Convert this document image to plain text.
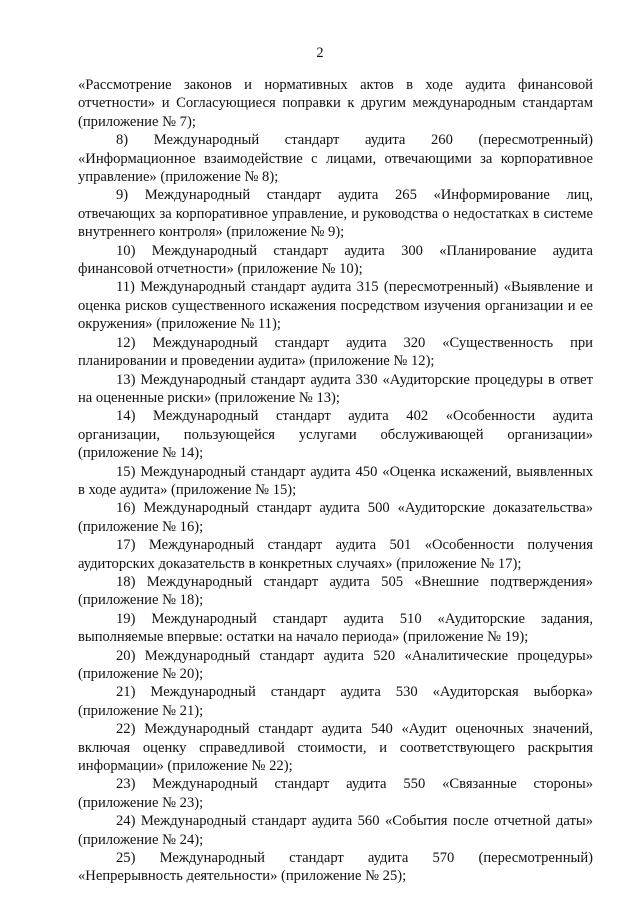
2

«Рассмотрение законов и нормативных актов в ходе аудита финансовой отчетности» и Согласующиеся поправки к другим международным стандартам (приложение № 7);

8) Международный стандарт аудита 260 (пересмотренный) «Информационное взаимодействие с лицами, отвечающими за корпоративное управление» (приложение № 8);

9) Международный стандарт аудита 265 «Информирование лиц, отвечающих за корпоративное управление, и руководства о недостатках в системе внутреннего контроля» (приложение № 9);

10) Международный стандарт аудита 300 «Планирование аудита финансовой отчетности» (приложение № 10);

11) Международный стандарт аудита 315 (пересмотренный) «Выявление и оценка рисков существенного искажения посредством изучения организации и ее окружения» (приложение № 11);

12) Международный стандарт аудита 320 «Существенность при планировании и проведении аудита» (приложение № 12);

13) Международный стандарт аудита 330 «Аудиторские процедуры в ответ на оцененные риски» (приложение № 13);

14) Международный стандарт аудита 402 «Особенности аудита организации, пользующейся услугами обслуживающей организации» (приложение № 14);

15) Международный стандарт аудита 450 «Оценка искажений, выявленных в ходе аудита» (приложение № 15);

16) Международный стандарт аудита 500 «Аудиторские доказательства» (приложение № 16);

17) Международный стандарт аудита 501 «Особенности получения аудиторских доказательств в конкретных случаях» (приложение № 17);

18) Международный стандарт аудита 505 «Внешние подтверждения» (приложение № 18);

19) Международный стандарт аудита 510 «Аудиторские задания, выполняемые впервые: остатки на начало периода» (приложение № 19);

20) Международный стандарт аудита 520 «Аналитические процедуры» (приложение № 20);

21) Международный стандарт аудита 530 «Аудиторская выборка» (приложение № 21);

22) Международный стандарт аудита 540 «Аудит оценочных значений, включая оценку справедливой стоимости, и соответствующего раскрытия информации» (приложение № 22);

23) Международный стандарт аудита 550 «Связанные стороны» (приложение № 23);

24) Международный стандарт аудита 560 «События после отчетной даты» (приложение № 24);

25) Международный стандарт аудита 570 (пересмотренный) «Непрерывность деятельности» (приложение № 25);
